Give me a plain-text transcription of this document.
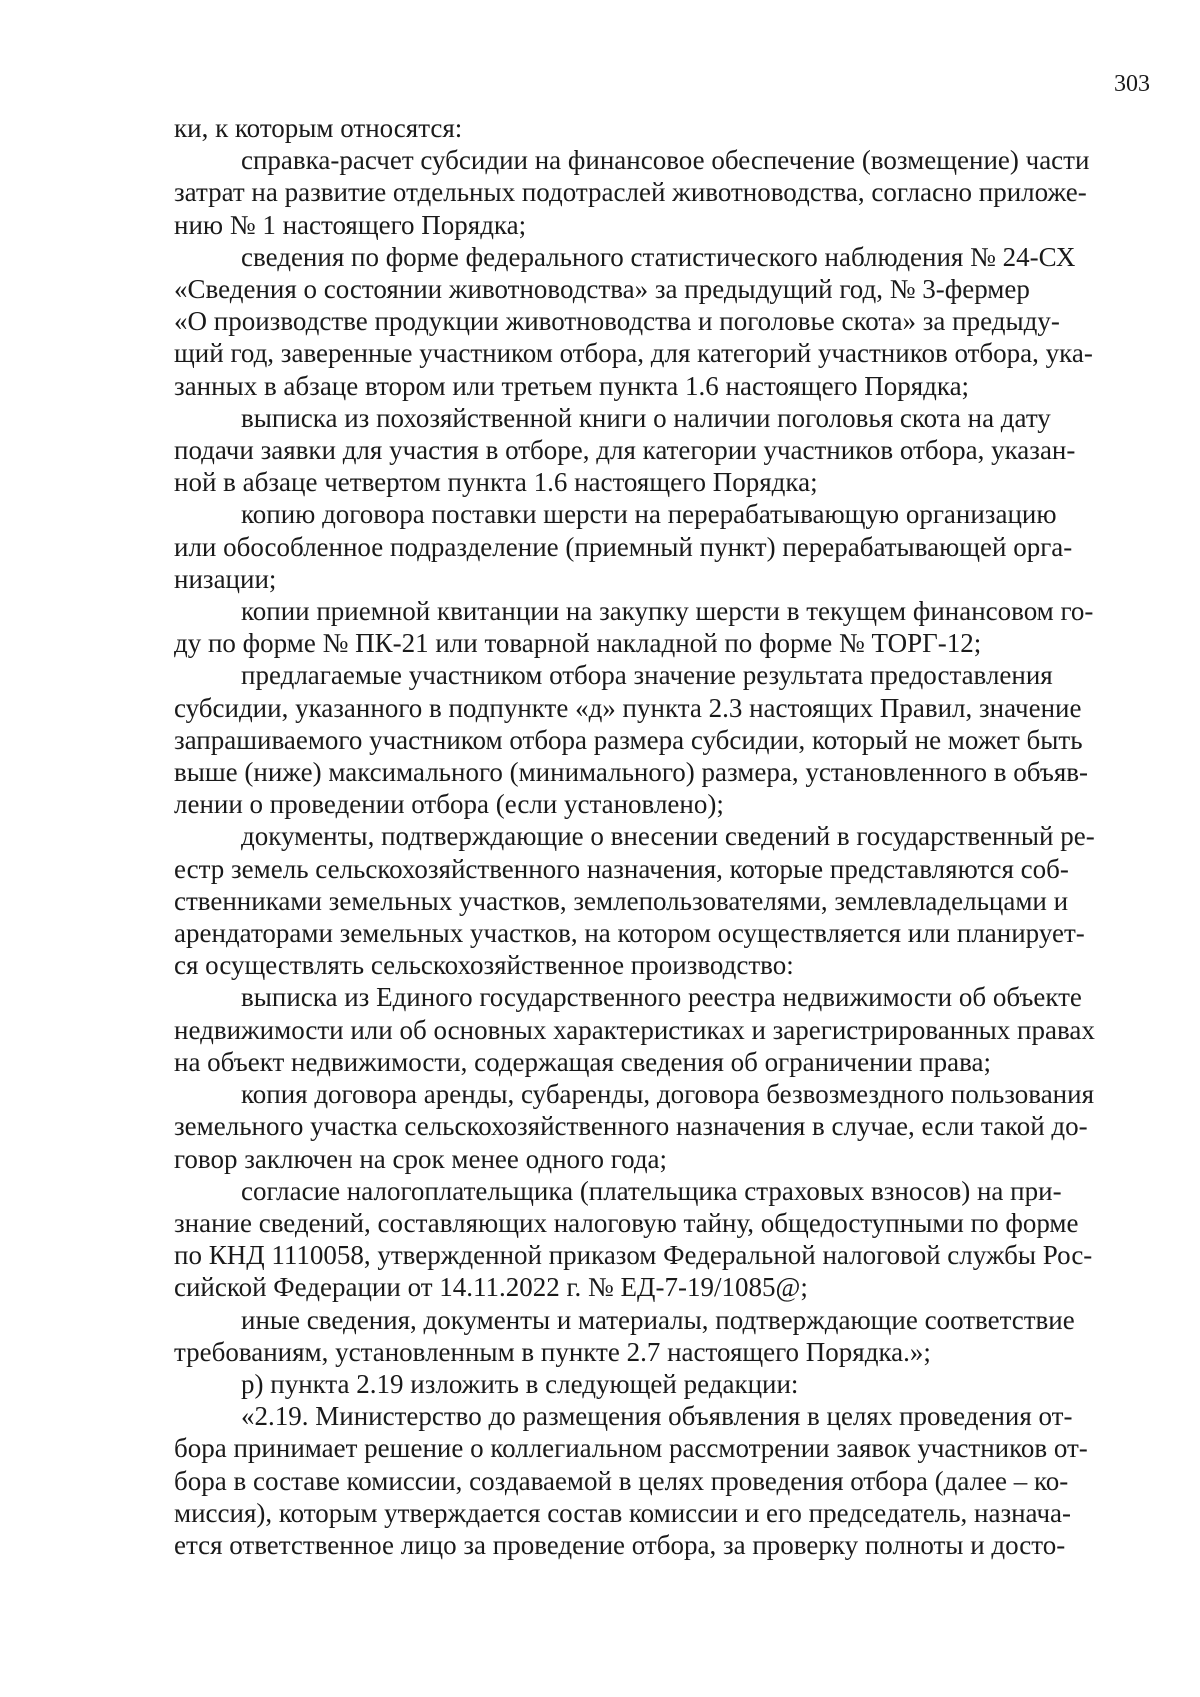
303

ки, к которым относятся:

справка-расчет субсидии на финансовое обеспечение (возмещение) части
затрат на развитие отдельных подотраслей животноводства, согласно приложе-
нию № 1 настоящего Порядка;

сведения по форме федерального статистического наблюдения № 24-СХ
«Сведения о состоянии животноводства» за предыдущий год, № 3-фермер
«О производстве продукции животноводства и поголовье скота» за предыду-
щий год, заверенные участником отбора, для категорий участников отбора, ука-
занных в абзаце втором или третьем пункта 1.6 настоящего Порядка;

выписка из похозяйственной книги о наличии поголовья скота на дату
подачи заявки для участия в отборе, для категории участников отбора, указан-
ной в абзаце четвертом пункта 1.6 настоящего Порядка;

копию договора поставки шерсти на перерабатывающую организацию
или обособленное подразделение (приемный пункт) перерабатывающей орга-
низации;

копии приемной квитанции на закупку шерсти в текущем финансовом го-
ду по форме № ПК-21 или товарной накладной по форме № ТОРГ-12;

предлагаемые участником отбора значение результата предоставления
субсидии, указанного в подпункте «д» пункта 2.3 настоящих Правил, значение
запрашиваемого участником отбора размера субсидии, который не может быть
выше (ниже) максимального (минимального) размера, установленного в объяв-
лении о проведении отбора (если установлено);

документы, подтверждающие о внесении сведений в государственный ре-
естр земель сельскохозяйственного назначения, которые представляются соб-
ственниками земельных участков, землепользователями, землевладельцами и
арендаторами земельных участков, на котором осуществляется или планирует-
ся осуществлять сельскохозяйственное производство:

выписка из Единого государственного реестра недвижимости об объекте
недвижимости или об основных характеристиках и зарегистрированных правах
на объект недвижимости, содержащая сведения об ограничении права;

копия договора аренды, субаренды, договора безвозмездного пользования
земельного участка сельскохозяйственного назначения в случае, если такой до-
говор заключен на срок менее одного года;

согласие налогоплательщика (плательщика страховых взносов) на при-
знание сведений, составляющих налоговую тайну, общедоступными по форме
по КНД 1110058, утвержденной приказом Федеральной налоговой службы Рос-
сийской Федерации от 14.11.2022 г. № ЕД-7-19/1085@;

иные сведения, документы и материалы, подтверждающие соответствие
требованиям, установленным в пункте 2.7 настоящего Порядка.»;

р) пункта 2.19 изложить в следующей редакции:

«2.19. Министерство до размещения объявления в целях проведения от-
бора принимает решение о коллегиальном рассмотрении заявок участников от-
бора в составе комиссии, создаваемой в целях проведения отбора (далее – ко-
миссия), которым утверждается состав комиссии и его председатель, назнача-
ется ответственное лицо за проведение отбора, за проверку полноты и досто-
